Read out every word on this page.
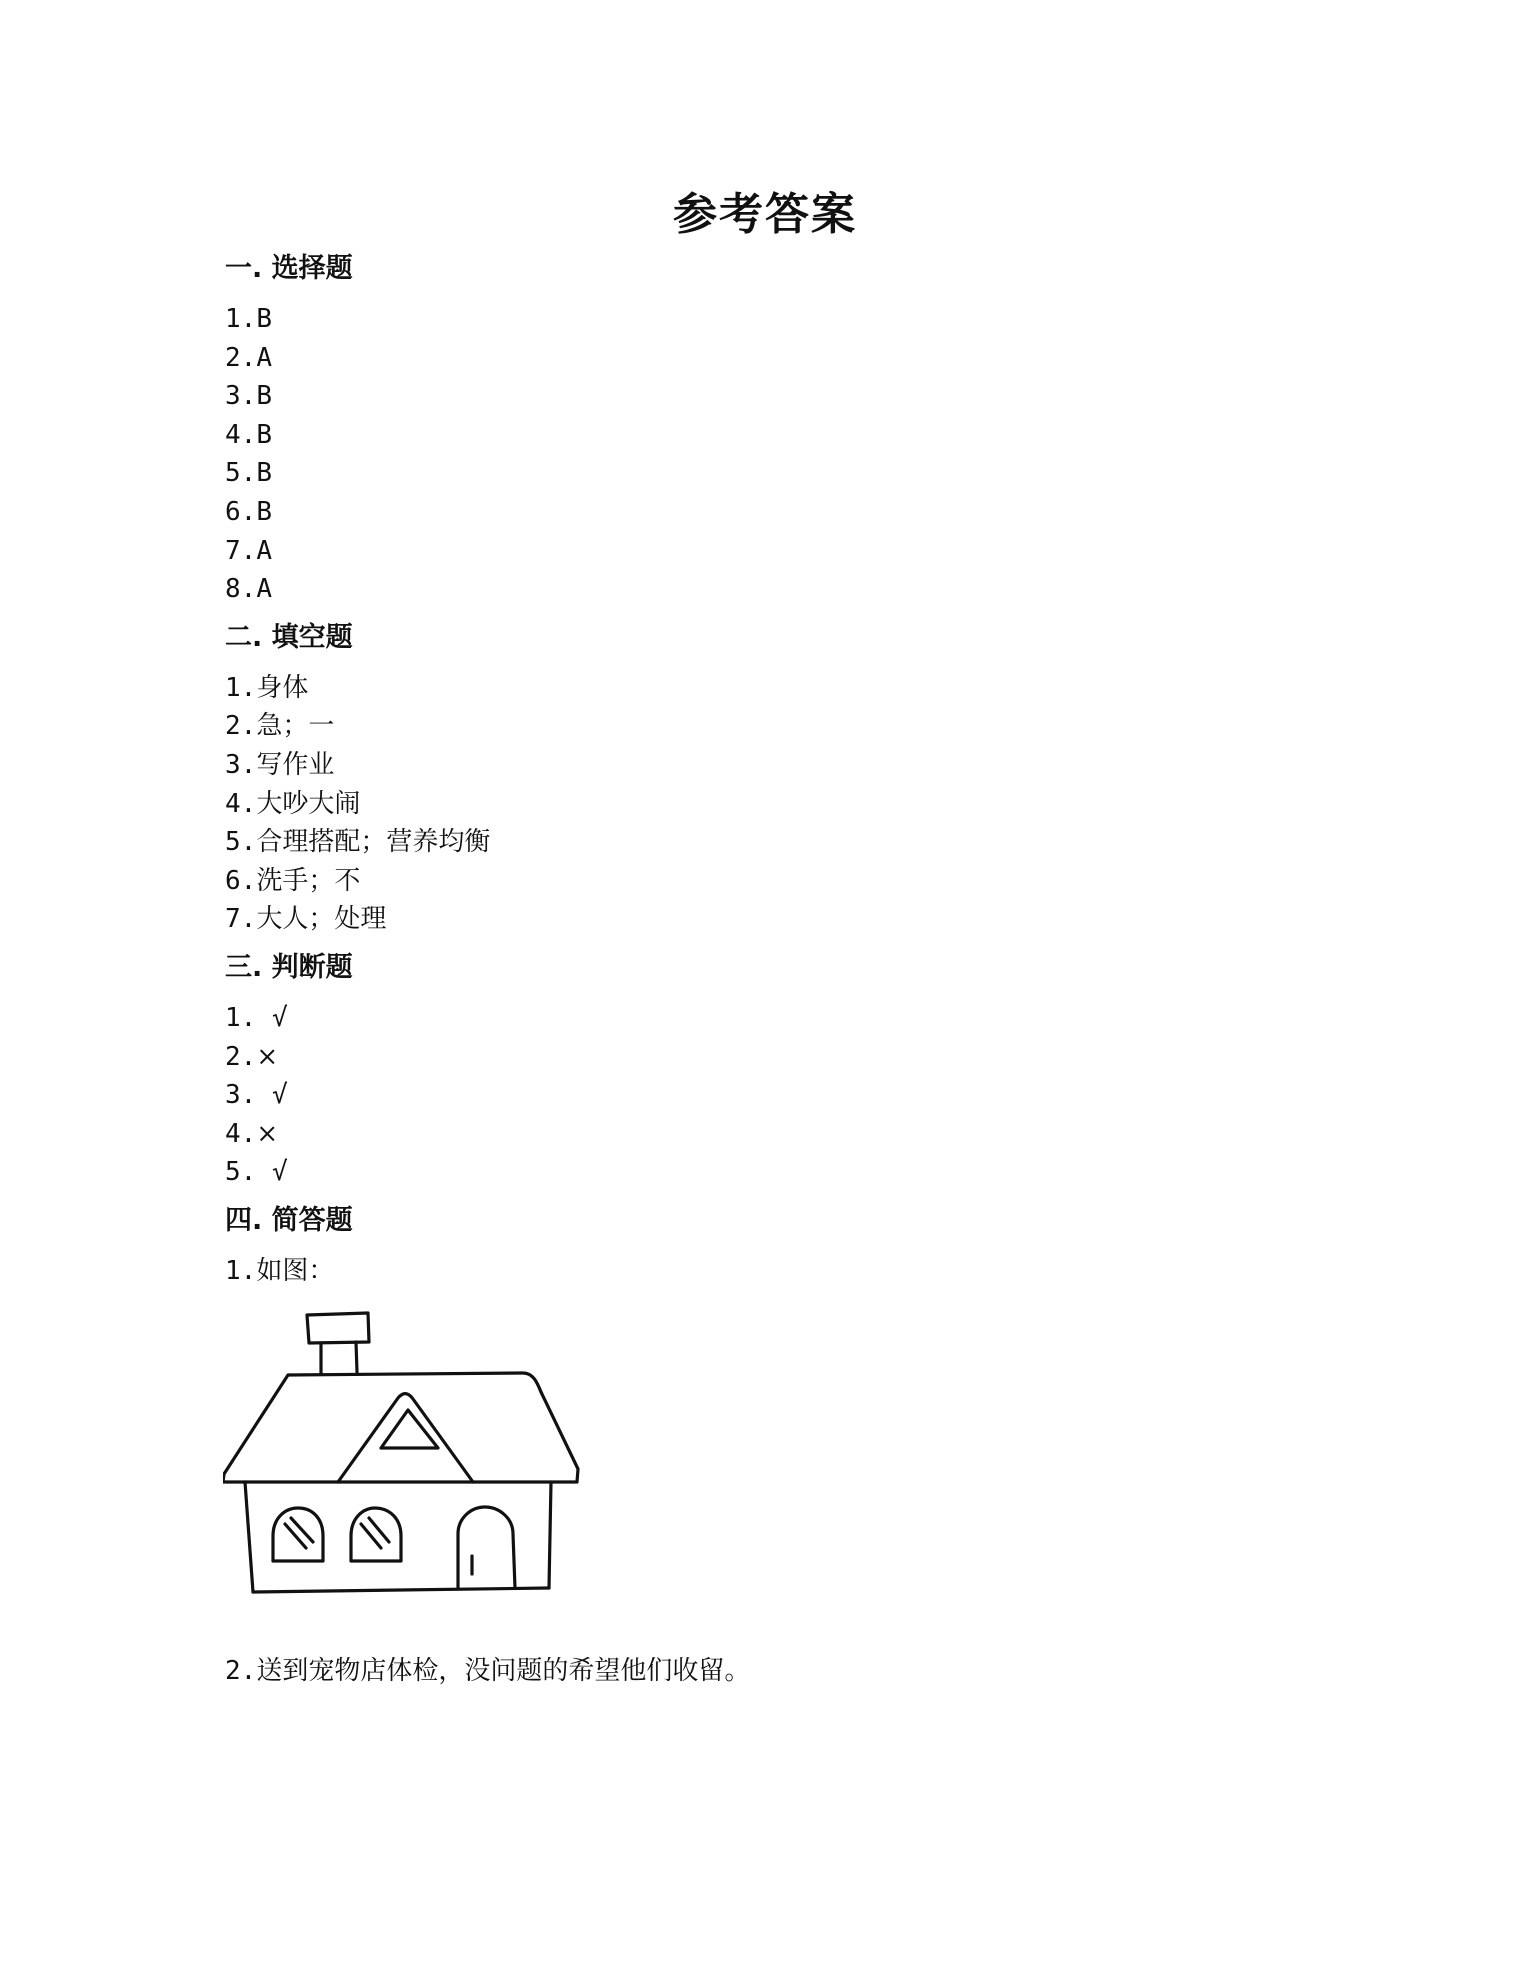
参考答案
一. 选择题
1.B
2.A
3.B
4.B
5.B
6.B
7.A
8.A
二. 填空题
1.身体
2.急；一
3.写作业
4.大吵大闹
5.合理搭配；营养均衡
6.洗手；不
7.大人；处理
三. 判断题
1. √
2.×
3. √
4.×
5. √
四. 简答题
1.如图：
2.送到宠物店体检，没问题的希望他们收留。
